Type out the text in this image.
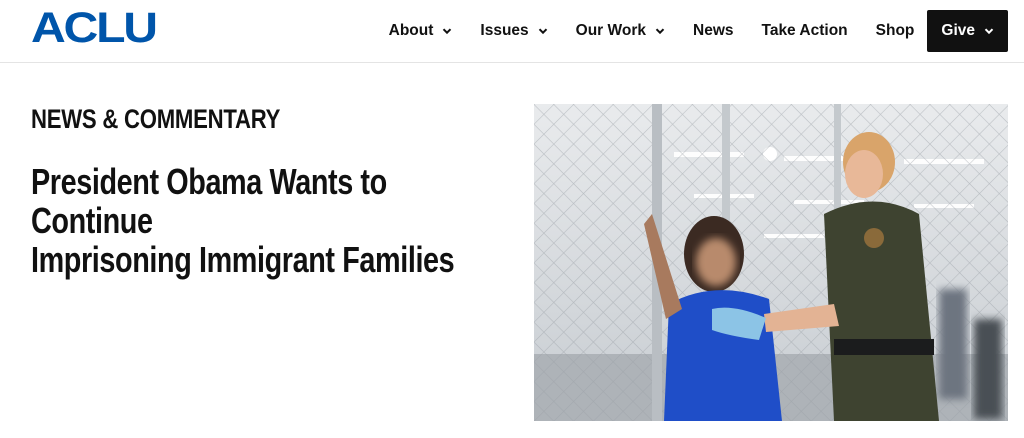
ACLU	About	Issues	Our Work	News Take Action Shop Give
NEWS & COMMENTARY
President Obama Wants to Continue
Imprisoning Immigrant Families
